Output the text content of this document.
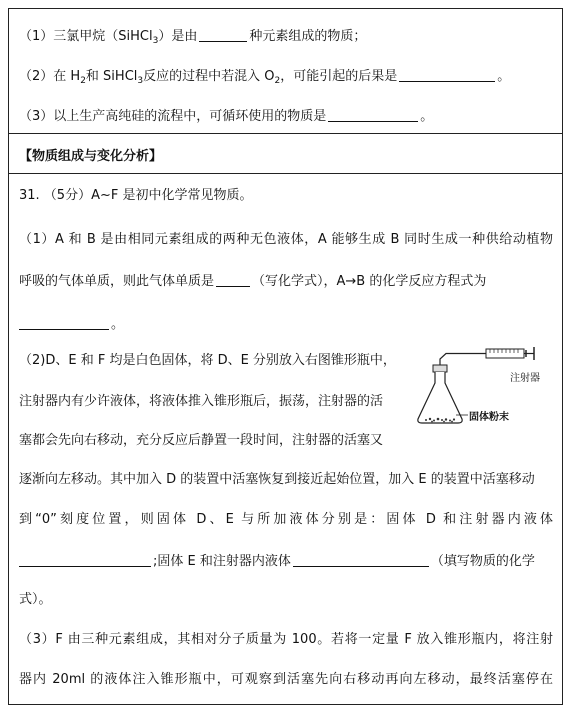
（1）三氯甲烷（SiHCl$_3$）是由	种元素组成的物质；
（2）在 $H_2$和 SiHCl$_3$反应的过程中若混入 $O_2$，可能引起的后果是	。
（3）以上生产高纯硅的流程中，可循环使用的物质是	。
【物质组成与变化分析】
31. （5分）A~F 是初中化学常见物质。
（1）A 和 B 是由相同元素组成的两种无色液体，A 能够生成 B 同时生成一种供给动植物
呼吸的气体单质，则此气体单质是	（写化学式），A→B 的化学反应方程式为
。
（2)D、E 和 F 均是白色固体，将 D、E 分别放入右图锥形瓶中，
注射器内有少许液体，将液体推入锥形瓶后，振荡，注射器的活
塞都会先向右移动，充分反应后静置一段时间，注射器的活塞又
逐渐向左移动。其中加入 D 的装置中活塞恢复到接近起始位置，加入 E 的装置中活塞移动
到“0”刻度位置，则固体 D、E 与所加液体分别是：固体 D 和注射器内液体
;固体 E 和注射器内液体	（填写物质的化学
式）。
（3）F 由三种元素组成，其相对分子质量为 100。若将一定量 F 放入锥形瓶内，将注射
器内 20ml 的液体注入锥形瓶中，可观察到活塞先向右移动再向左移动，最终活塞停在
注射器
固体粉末
